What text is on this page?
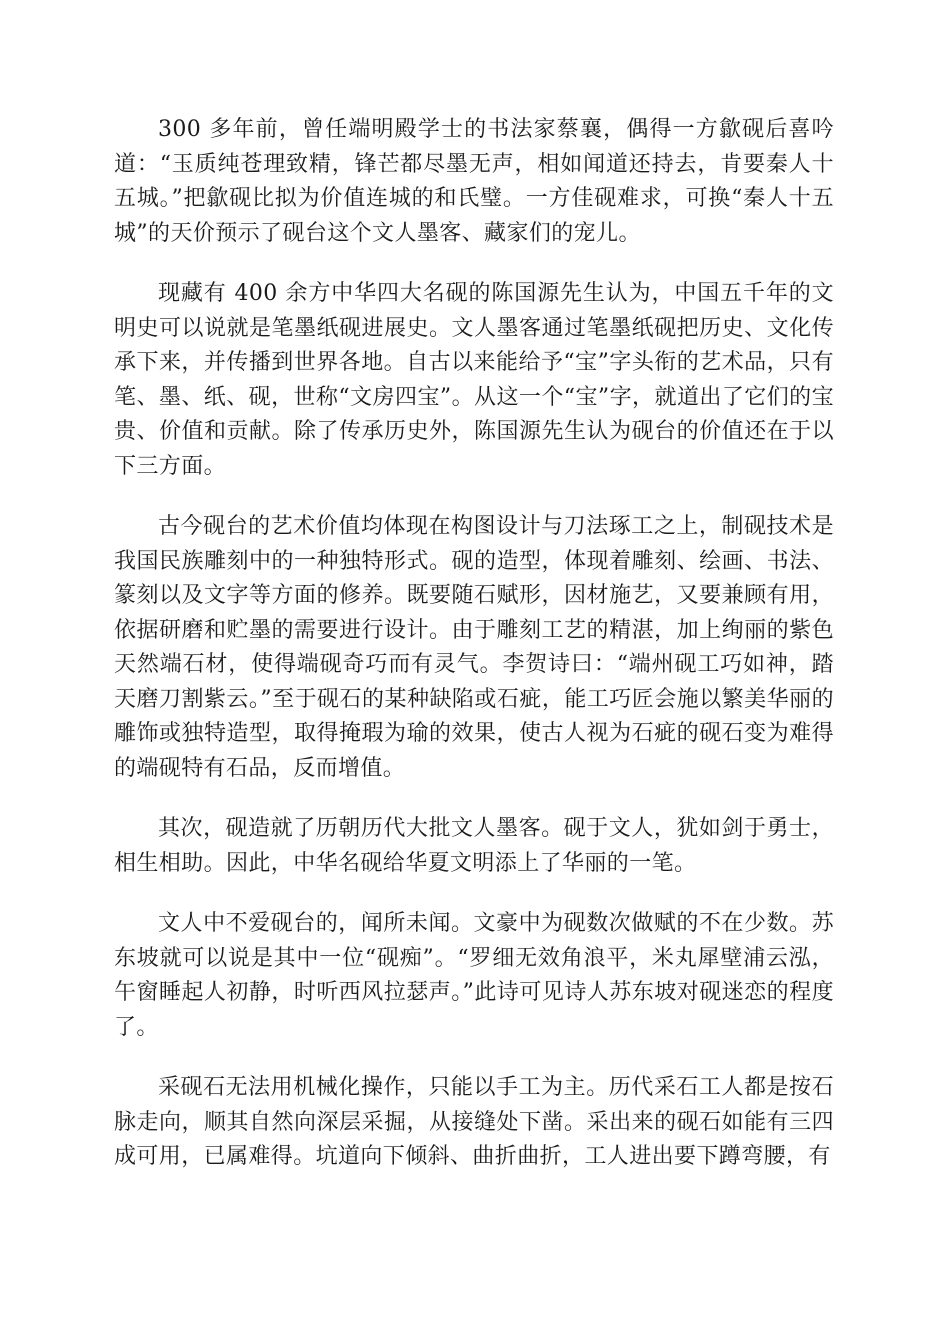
300 多年前，曾任端明殿学士的书法家蔡襄，偶得一方歙砚后喜吟道：“玉质纯苍理致精，锋芒都尽墨无声，相如闻道还持去，肯要秦人十五城。”把歙砚比拟为价值连城的和氏璧。一方佳砚难求，可换“秦人十五城”的天价预示了砚台这个文人墨客、藏家们的宠儿。

现藏有 400 余方中华四大名砚的陈国源先生认为，中国五千年的文明史可以说就是笔墨纸砚进展史。文人墨客通过笔墨纸砚把历史、文化传承下来，并传播到世界各地。自古以来能给予“宝”字头衔的艺术品，只有笔、墨、纸、砚，世称“文房四宝”。从这一个“宝”字，就道出了它们的宝贵、价值和贡献。除了传承历史外，陈国源先生认为砚台的价值还在于以下三方面。

古今砚台的艺术价值均体现在构图设计与刀法琢工之上，制砚技术是我国民族雕刻中的一种独特形式。砚的造型，体现着雕刻、绘画、书法、篆刻以及文字等方面的修养。既要随石赋形，因材施艺，又要兼顾有用，依据研磨和贮墨的需要进行设计。由于雕刻工艺的精湛，加上绚丽的紫色天然端石材，使得端砚奇巧而有灵气。李贺诗曰：“端州砚工巧如神，踏天磨刀割紫云。”至于砚石的某种缺陷或石疵，能工巧匠会施以繁美华丽的雕饰或独特造型，取得掩瑕为瑜的效果，使古人视为石疵的砚石变为难得的端砚特有石品，反而增值。

其次，砚造就了历朝历代大批文人墨客。砚于文人，犹如剑于勇士，相生相助。因此，中华名砚给华夏文明添上了华丽的一笔。

文人中不爱砚台的，闻所未闻。文豪中为砚数次做赋的不在少数。苏东坡就可以说是其中一位“砚痴”。“罗细无效角浪平，米丸犀壁浦云泓，午窗睡起人初静，时听西风拉瑟声。”此诗可见诗人苏东坡对砚迷恋的程度了。

采砚石无法用机械化操作，只能以手工为主。历代采石工人都是按石脉走向，顺其自然向深层采掘，从接缝处下凿。采出来的砚石如能有三四成可用，已属难得。坑道向下倾斜、曲折曲折，工人进出要下蹲弯腰，有
